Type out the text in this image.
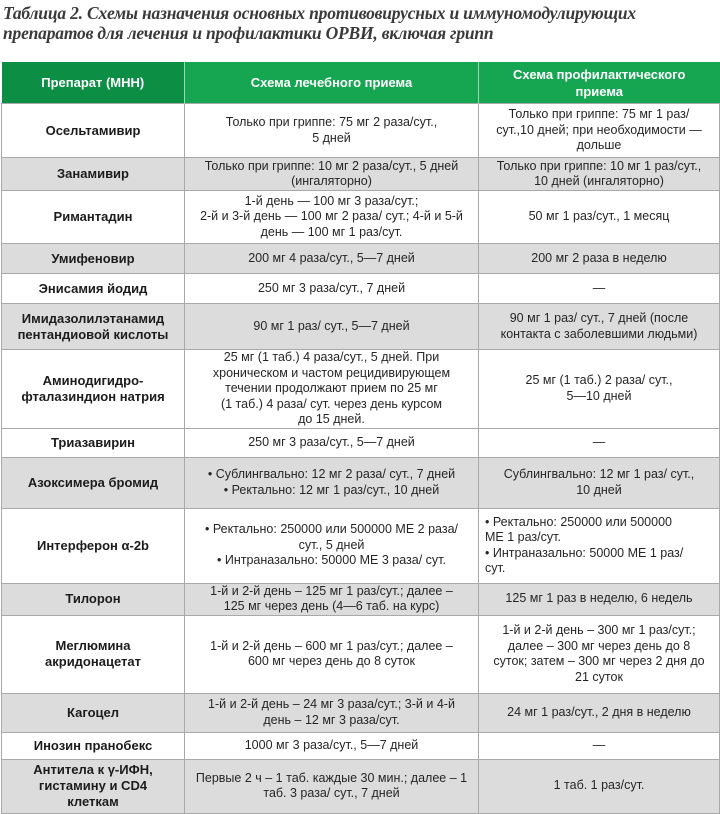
Таблица 2. Схемы назначения основных противовирусных и иммуномодулирующих
препаратов для лечения и профилактики ОРВИ, включая грипп
Препарат (МНН)	Схема лечебного приема	Схема профилактического
приема

Осельтамивир	Только при гриппе: 75 мг 2 раза/сут.,
5 дней	Только при гриппе: 75 мг 1 раз/
сут.,10 дней; при необходимости —
дольше

Занамивир	Только при гриппе: 10 мг 2 раза/сут., 5 дней
(ингаляторно)	Только при гриппе: 10 мг 1 раз/сут.,
10 дней (ингаляторно)

Римантадин	1-й день — 100 мг 3 раза/сут.;
2-й и 3-й день — 100 мг 2 раза/ сут.; 4-й и 5-й
день — 100 мг 1 раз/сут.	50 мг 1 раз/сут., 1 месяц

Умифеновир	200 мг 4 раза/сут., 5—7 дней	200 мг 2 раза в неделю

Энисамия йодид	250 мг 3 раза/сут., 7 дней	—

Имидазолилэтанамид
пентандиовой кислоты	90 мг 1 раз/ сут., 5—7 дней	90 мг 1 раз/ сут., 7 дней (после
контакта с заболевшими людьми)

Аминодигидро-
фталазиндион натрия	25 мг (1 таб.) 4 раза/сут., 5 дней. При
хроническом и частом рецидивирующем
течении продолжают прием по 25 мг
(1 таб.) 4 раза/ сут. через день курсом
до 15 дней.	25 мг (1 таб.) 2 раза/ сут.,
5—10 дней

Триазавирин	250 мг 3 раза/сут., 5—7 дней	—

Азоксимера бромид	• Сублингвально: 12 мг 2 раза/ сут., 7 дней
• Ректально: 12 мг 1 раз/сут., 10 дней	Сублингвально: 12 мг 1 раз/ сут.,
10 дней

Интерферон α-2b	• Ректально: 250000 или 500000 МЕ 2 раза/
сут., 5 дней
• Интраназально: 50000 МЕ 3 раза/ сут.	• Ректально: 250000 или 500000
МЕ 1 раз/сут.
• Интраназально: 50000 МЕ 1 раз/
сут.

Тилорон	1-й и 2-й день – 125 мг 1 раз/сут.; далее –
125 мг через день (4—6 таб. на курс)	125 мг 1 раз в неделю, 6 недель

Меглюмина
акридонацетат	1-й и 2-й день – 600 мг 1 раз/сут.; далее –
600 мг через день до 8 суток	1-й и 2-й день – 300 мг 1 раз/сут.;
далее – 300 мг через день до 8
суток; затем – 300 мг через 2 дня до
21 суток

Кагоцел	1-й и 2-й день – 24 мг 3 раза/сут.; 3-й и 4-й
день – 12 мг 3 раза/сут.	24 мг 1 раз/сут., 2 дня в неделю

Инозин пранобекс	1000 мг 3 раза/сут., 5—7 дней	—

Антитела к γ-ИФН,
гистамину и CD4
клеткам	Первые 2 ч – 1 таб. каждые 30 мин.; далее – 1
таб. 3 раза/ сут., 7 дней	1 таб. 1 раз/сут.
